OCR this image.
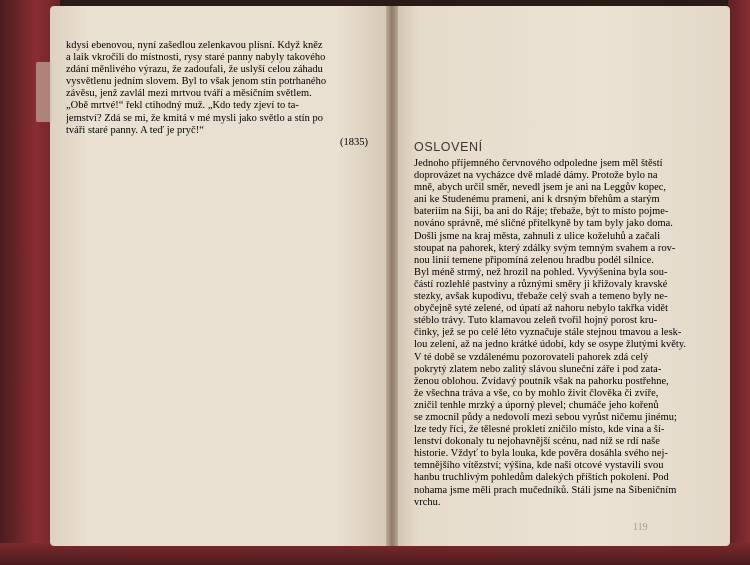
kdysi ebenovou, nyní zašedlou zelenkavou plísní. Když kněz
a laik vkročili do místnosti, rysy staré panny nabyly takového
zdání měnlivého výrazu, že zadoufali, že uslyší celou záhadu
vysvětlenu jedním slovem. Byl to však jenom stín potrhaného
závěsu, jenž zavlál mezi mrtvou tváří a měsíčním světlem.
„Obě mrtvé!“ řekl ctihodný muž. „Kdo tedy zjeví to ta-
jemství? Zdá se mi, že kmitá v mé mysli jako světlo a stín po
tváři staré panny. A teď je pryč!“
(1835)	OSLOVENÍ
Jednoho příjemného červnového odpoledne jsem měl štěstí
doprovázet na vycházce dvě mladé dámy. Protože bylo na
mně, abych určil směr, nevedl jsem je ani na Leggův kopec,
ani ke Studenému prameni, ani k drsným břehům a starým
bateriím na Šiji, ba ani do Ráje; třebaže, být to místo pojme-
nováno správně, mé sličné přítelkyně by tam byly jako doma.
Došli jsme na kraj města, zahnuli z ulice koželuhů a začali
stoupat na pahorek, který zdálky svým temným svahem a rov-
nou linií temene připomíná zelenou hradbu podél silnice.
Byl méně strmý, než hrozil na pohled. Vyvýšenina byla sou-
částí rozlehlé pastviny a různými směry ji křižovaly kravské
stezky, avšak kupodivu, třebaže celý svah a temeno byly ne-
obyčejně syté zelené, od úpatí až nahoru nebylo takřka vidět
stéblo trávy. Tuto klamavou zeleň tvořil hojný porost kru-
činky, jež se po celé léto vyznačuje stále stejnou tmavou a lesk-
lou zelení, až na jedno krátké údobí, kdy se osype žlutými květy.
V té době se vzdálenému pozorovateli pahorek zdá celý
pokrytý zlatem nebo zalitý slávou sluneční záře i pod zata-
ženou oblohou. Zvídavý poutník však na pahorku postřehne,
že všechna tráva a vše, co by mohlo živit člověka či zvíře,
zničil tenhle mrzký a úporný plevel; chumáče jeho kořenů
se zmocnil půdy a nedovolí mezi sebou vyrůst ničemu jinému;
lze tedy říci, že tělesné prokletí zničilo místo, kde vina a ší-
lenství dokonaly tu nejohavnější scénu, nad níž se rdí naše
historie. Vždyť to byla louka, kde pověra dosáhla svého nej-
temnějšího vítězství; výšina, kde naši otcové vystavili svou
hanbu truchlivým pohledům dalekých příštích pokolení. Pod
nohama jsme měli prach mučedníků. Stáli jsme na Šibeničním
vrchu.
119
